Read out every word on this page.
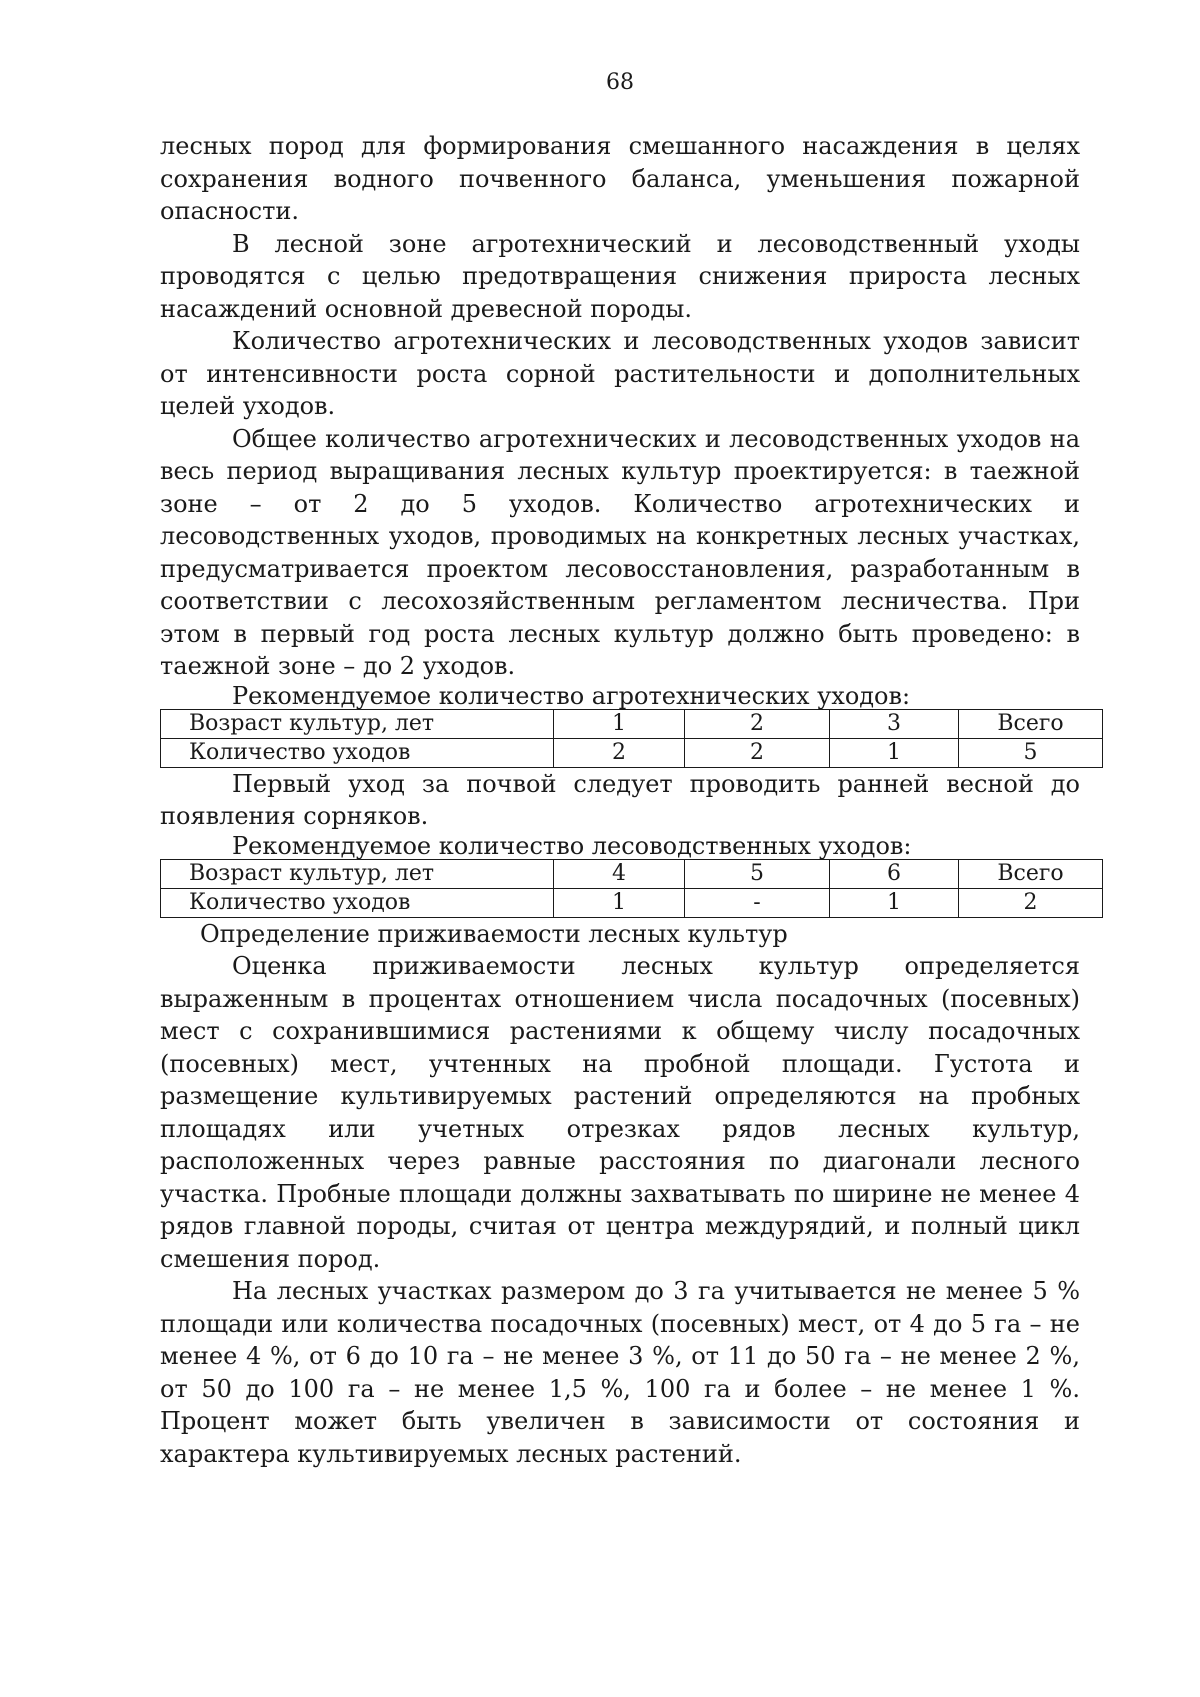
68

лесных пород для формирования смешанного насаждения в целях сохранения водного почвенного баланса, уменьшения пожарной опасности.

В лесной зоне агротехнический и лесоводственный уходы проводятся с целью предотвращения снижения прироста лесных насаждений основной древесной породы.

Количество агротехнических и лесоводственных уходов зависит от интенсивности роста сорной растительности и дополнительных целей уходов.

Общее количество агротехнических и лесоводственных уходов на весь период выращивания лесных культур проектируется: в таежной зоне – от 2 до 5 уходов. Количество агротехнических и лесоводственных уходов, проводимых на конкретных лесных участках, предусматривается проектом лесовосстановления, разработанным в соответствии с лесохозяйственным регламентом лесничества. При этом в первый год роста лесных культур должно быть проведено: в таежной зоне – до 2 уходов.

Рекомендуемое количество агротехнических уходов:

Возраст культур, лет	1	2	3	Всего
Количество уходов	2	2	1	5

Первый уход за почвой следует проводить ранней весной до появления сорняков.

Рекомендуемое количество лесоводственных уходов:

Возраст культур, лет	4	5	6	Всего
Количество уходов	1	-	1	2

Определение приживаемости лесных культур

Оценка приживаемости лесных культур определяется выраженным в процентах отношением числа посадочных (посевных) мест с сохранившимися растениями к общему числу посадочных (посевных) мест, учтенных на пробной площади. Густота и размещение культивируемых растений определяются на пробных площадях или учетных отрезках рядов лесных культур, расположенных через равные расстояния по диагонали лесного участка. Пробные площади должны захватывать по ширине не менее 4 рядов главной породы, считая от центра междурядий, и полный цикл смешения пород.

На лесных участках размером до 3 га учитывается не менее 5 % площади или количества посадочных (посевных) мест, от 4 до 5 га – не менее 4 %, от 6 до 10 га – не менее 3 %, от 11 до 50 га – не менее 2 %, от 50 до 100 га – не менее 1,5 %, 100 га и более – не менее 1 %. Процент может быть увеличен в зависимости от состояния и характера культивируемых лесных растений.
